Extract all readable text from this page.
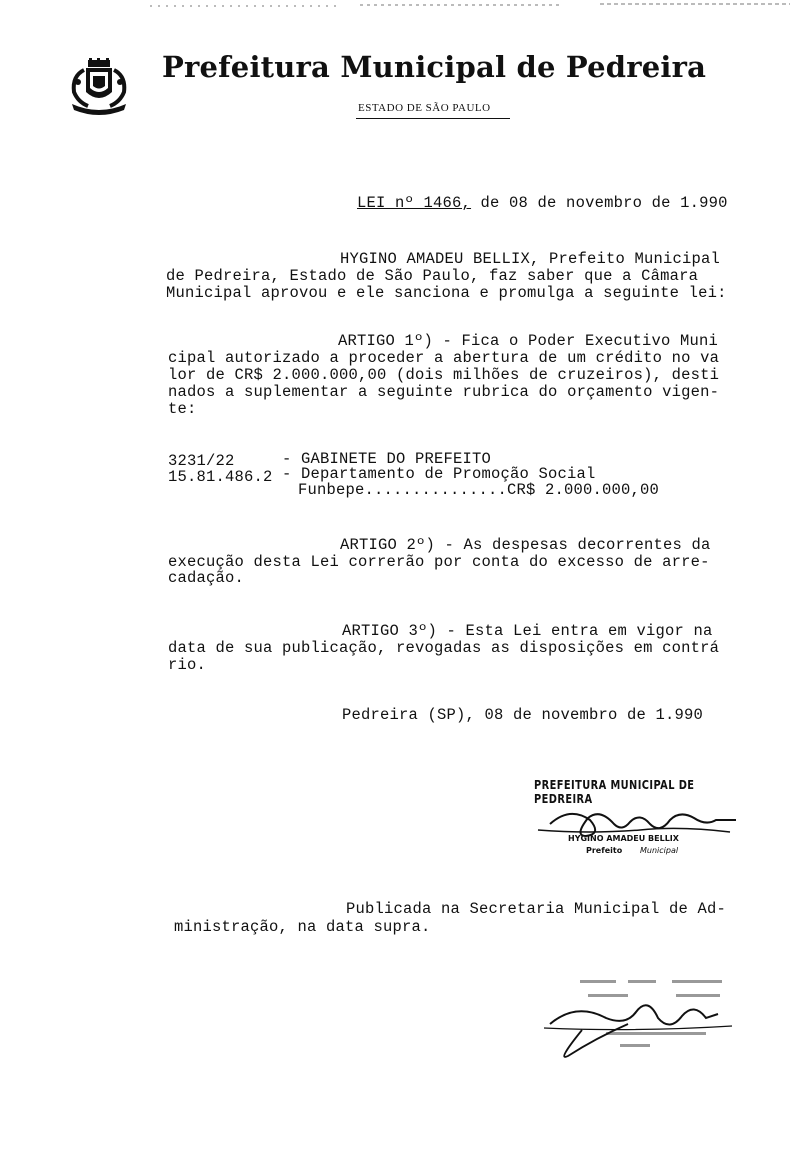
Prefeitura Municipal de Pedreira
ESTADO DE SÃO PAULO

LEI nº 1466, de 08 de novembro de 1.990

HYGINO AMADEU BELLIX, Prefeito Municipal
de Pedreira, Estado de São Paulo, faz saber que a Câmara
Municipal aprovou e ele sanciona e promulga a seguinte lei:
ARTIGO 1º) - Fica o Poder Executivo Muni
cipal autorizado a proceder a abertura de um crédito no va
lor de CR$ 2.000.000,00 (dois milhões de cruzeiros), desti
nados a suplementar a seguinte rubrica do orçamento vigen-
te:
3231/22	- GABINETE DO PREFEITO
15.81.486.2 - Departamento de Promoção Social
Funbepe...............CR$ 2.000.000,00
ARTIGO 2º) - As despesas decorrentes da
execução desta Lei correrão por conta do excesso de arre-
cadação.
ARTIGO 3º) - Esta Lei entra em vigor na
data de sua publicação, revogadas as disposições em contrá
rio.
Pedreira (SP), 08 de novembro de 1.990
PREFEITURA MUNICIPAL DE PEDREIRA
HYGINO AMADEU BELLIX
Prefeito Municipal
Publicada na Secretaria Municipal de Ad-
ministração, na data supra.
